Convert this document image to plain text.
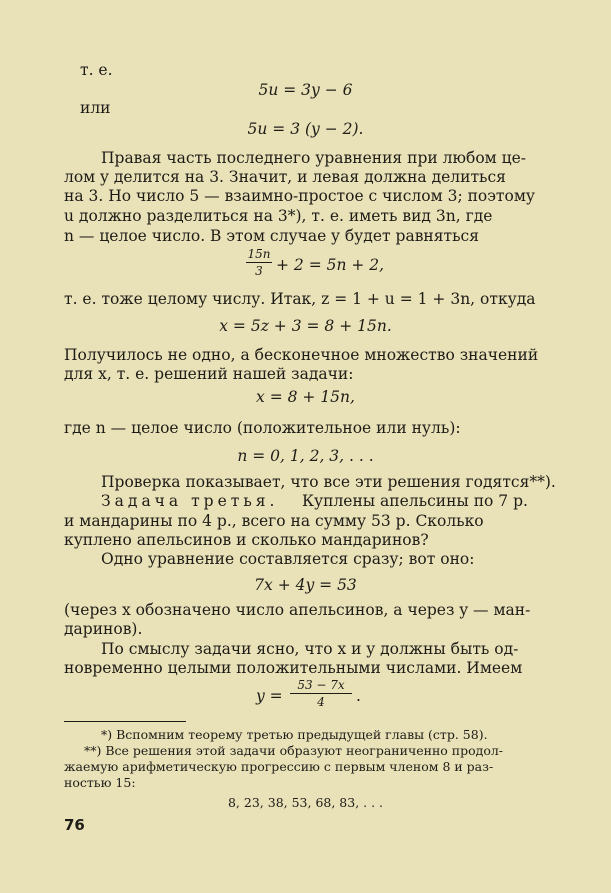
т. е.
5u = 3y − 6
или
5u = 3 (y − 2).
Правая часть последнего уравнения при любом це-
лом y делится на 3. Значит, и левая должна делиться
на 3. Но число 5 — взаимно-простое с числом 3; поэтому
u должно разделиться на 3*), т. е. иметь вид 3n, где
n — целое число. В этом случае y будет равняться
15n
3 + 2 = 5n + 2,
т. е. тоже целому числу. Итак, z = 1 + u = 1 + 3n, откуда
x = 5z + 3 = 8 + 15n.
Получилось не одно, а бесконечное множество значений
для x, т. е. решений нашей задачи:
x = 8 + 15n,
где n — целое число (положительное или нуль):
n = 0, 1, 2, 3, . . .
Проверка показывает, что все эти решения годятся**).
Задача третья. Куплены апельсины по 7 р.
и мандарины по 4 р., всего на сумму 53 р. Сколько
куплено апельсинов и сколько мандаринов?
Одно уравнение составляется сразу; вот оно:
7x + 4y = 53
(через x обозначено число апельсинов, а через y — ман-
даринов).
По смыслу задачи ясно, что x и y должны быть од-
новременно целыми положительными числами. Имеем
y =
53 − 7x
4	.
*) Вспомним теорему третью предыдущей главы (стр. 58).
**) Все решения этой задачи образуют неограниченно продол-
жаемую арифметическую прогрессию с первым членом 8 и раз-
ностью 15:
8, 23, 38, 53, 68, 83, . . .
76
